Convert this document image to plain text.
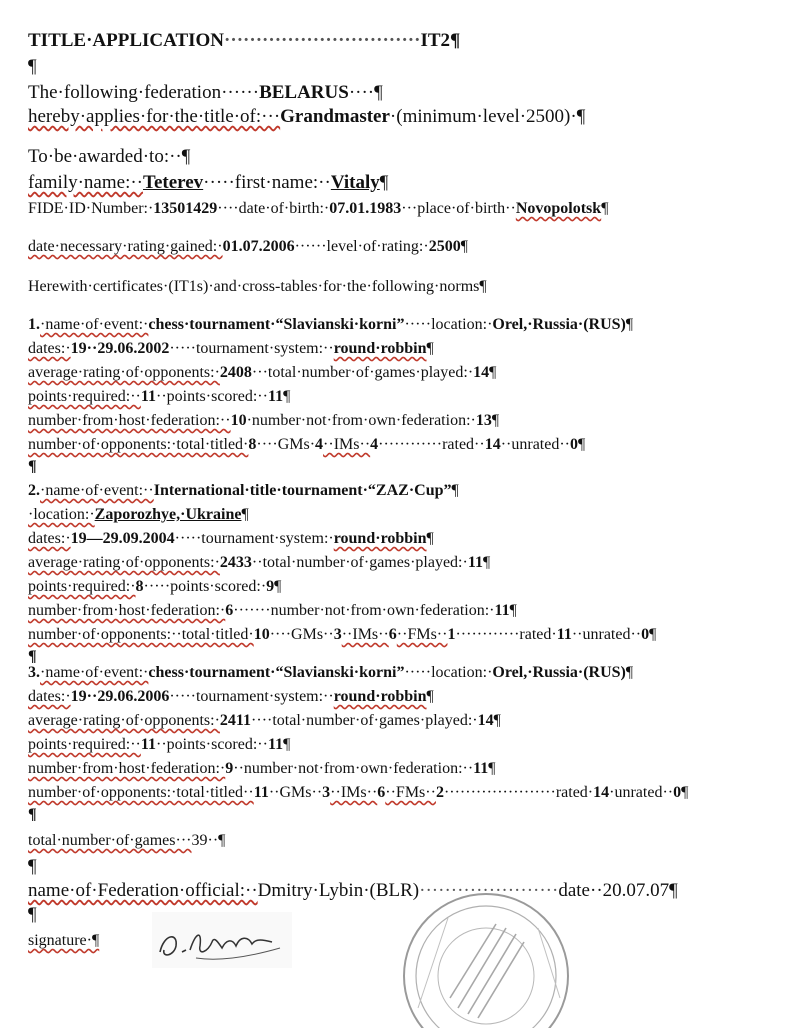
TITLE·APPLICATION·······························IT2¶
¶
The·following·federation······BELARUS····¶
hereby·applies·for·the·title·of:···Grandmaster·(minimum·level·2500)·¶
To·be·awarded·to:··¶
family·name:··Teterev·····first·name:··Vitaly¶
FIDE·ID·Number:·13501429····date·of·birth:·07.01.1983···place·of·birth··Novopolotsk¶
date·necessary·rating·gained:·01.07.2006······level·of·rating:·2500¶
Herewith·certificates·(IT1s)·and·cross-tables·for·the·following·norms¶
1.·name·of·event:·chess·tournament·“Slavianski·korni”·····location:·Orel,·Russia·(RUS)¶
dates:·19··29.06.2002·····tournament·system:··round·robbin¶
average·rating·of·opponents:·2408···total·number·of·games·played:·14¶
points·required:··11··points·scored:··11¶
number·from·host·federation:··10·number·not·from·own·federation:·13¶
number·of·opponents:·total·titled·8····GMs·4··IMs··4············rated··14··unrated··0¶
¶
2.·name·of·event:··International·title·tournament·“ZAZ·Cup”¶
·location:·Zaporozhye,·Ukraine¶
dates:·19—29.09.2004·····tournament·system:·round·robbin¶
average·rating·of·opponents:·2433··total·number·of·games·played:·11¶
points·required:·8·····points·scored:·9¶
number·from·host·federation:·6·······number·not·from·own·federation:·11¶
number·of·opponents:··total·titled·10····GMs··3··IMs··6··FMs··1············rated·11··unrated··0¶
¶
3.·name·of·event:·chess·tournament·“Slavianski·korni”·····location:·Orel,·Russia·(RUS)¶
dates:·19··29.06.2006·····tournament·system:··round·robbin¶
average·rating·of·opponents:·2411····total·number·of·games·played:·14¶
points·required:··11··points·scored:··11¶
number·from·host·federation:·9··number·not·from·own·federation:··11¶
number·of·opponents:·total·titled··11··GMs··3··IMs··6··FMs··2·····················rated·14·unrated··0¶
¶
total·number·of·games···39··¶
¶
name·of·Federation·official:··Dmitry·Lybin·(BLR)······················date··20.07.07¶
¶
signature·¶
